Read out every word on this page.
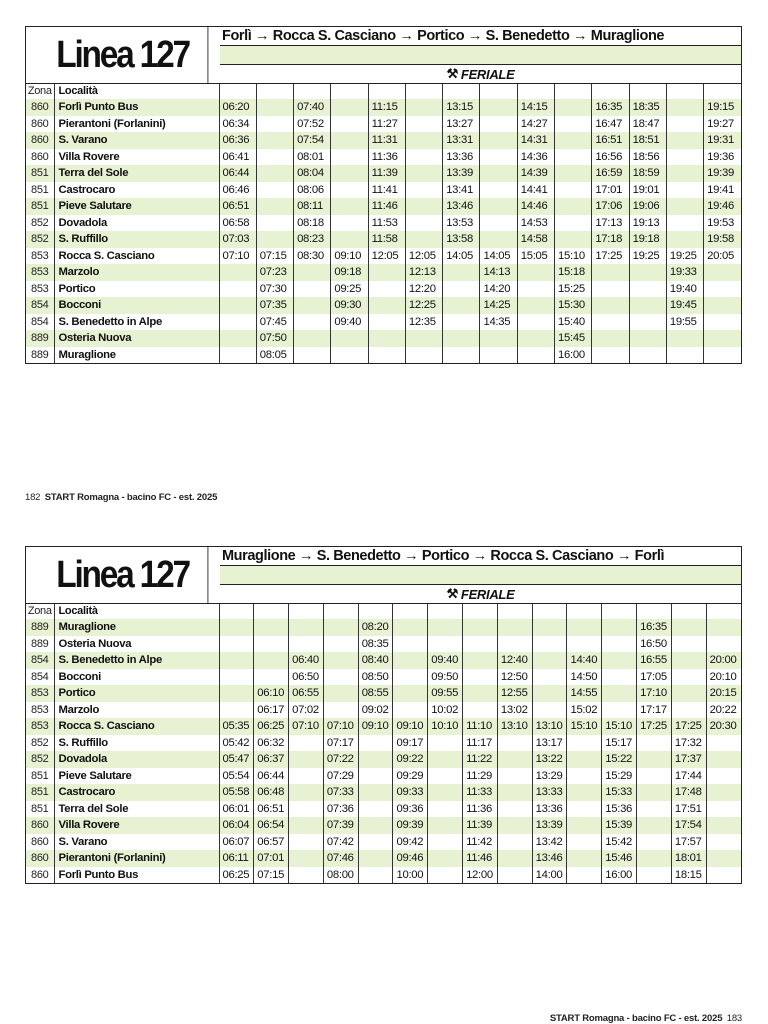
Linea 127	Forlì → Rocca S. Casciano → Portico → S. Benedetto → Muraglione
⚒ FERIALE
Zona	Località														
860	Forlì Punto Bus	06:20		07:40		11:15		13:15		14:15		16:35	18:35		19:15
860	Pierantoni (Forlanini)	06:34		07:52		11:27		13:27		14:27		16:47	18:47		19:27
860	S. Varano	06:36		07:54		11:31		13:31		14:31		16:51	18:51		19:31
860	Villa Rovere	06:41		08:01		11:36		13:36		14:36		16:56	18:56		19:36
851	Terra del Sole	06:44		08:04		11:39		13:39		14:39		16:59	18:59		19:39
851	Castrocaro	06:46		08:06		11:41		13:41		14:41		17:01	19:01		19:41
851	Pieve Salutare	06:51		08:11		11:46		13:46		14:46		17:06	19:06		19:46
852	Dovadola	06:58		08:18		11:53		13:53		14:53		17:13	19:13		19:53
852	S. Ruffillo	07:03		08:23		11:58		13:58		14:58		17:18	19:18		19:58
853	Rocca S. Casciano	07:10	07:15	08:30	09:10	12:05	12:05	14:05	14:05	15:05	15:10	17:25	19:25	19:25	20:05
853	Marzolo		07:23		09:18		12:13		14:13		15:18			19:33	
853	Portico		07:30		09:25		12:20		14:20		15:25			19:40	
854	Bocconi		07:35		09:30		12:25		14:25		15:30			19:45	
854	S. Benedetto in Alpe		07:45		09:40		12:35		14:35		15:40			19:55	
889	Osteria Nuova		07:50								15:45				
889	Muraglione		08:05								16:00				
182 START Romagna - bacino FC - est. 2025
Linea 127	Muraglione → S. Benedetto → Portico → Rocca S. Casciano → Forlì
⚒ FERIALE
Zona	Località															
889	Muraglione					08:20								16:35		
889	Osteria Nuova					08:35								16:50		
854	S. Benedetto in Alpe			06:40		08:40		09:40		12:40		14:40		16:55		20:00
854	Bocconi			06:50		08:50		09:50		12:50		14:50		17:05		20:10
853	Portico		06:10	06:55		08:55		09:55		12:55		14:55		17:10		20:15
853	Marzolo		06:17	07:02		09:02		10:02		13:02		15:02		17:17		20:22
853	Rocca S. Casciano	05:35	06:25	07:10	07:10	09:10	09:10	10:10	11:10	13:10	13:10	15:10	15:10	17:25	17:25	20:30
852	S. Ruffillo	05:42	06:32		07:17		09:17		11:17		13:17		15:17		17:32	
852	Dovadola	05:47	06:37		07:22		09:22		11:22		13:22		15:22		17:37	
851	Pieve Salutare	05:54	06:44		07:29		09:29		11:29		13:29		15:29		17:44	
851	Castrocaro	05:58	06:48		07:33		09:33		11:33		13:33		15:33		17:48	
851	Terra del Sole	06:01	06:51		07:36		09:36		11:36		13:36		15:36		17:51	
860	Villa Rovere	06:04	06:54		07:39		09:39		11:39		13:39		15:39		17:54	
860	S. Varano	06:07	06:57		07:42		09:42		11:42		13:42		15:42		17:57	
860	Pierantoni (Forlanini)	06:11	07:01		07:46		09:46		11:46		13:46		15:46		18:01	
860	Forlì Punto Bus	06:25	07:15		08:00		10:00		12:00		14:00		16:00		18:15	
START Romagna - bacino FC - est. 2025 183
